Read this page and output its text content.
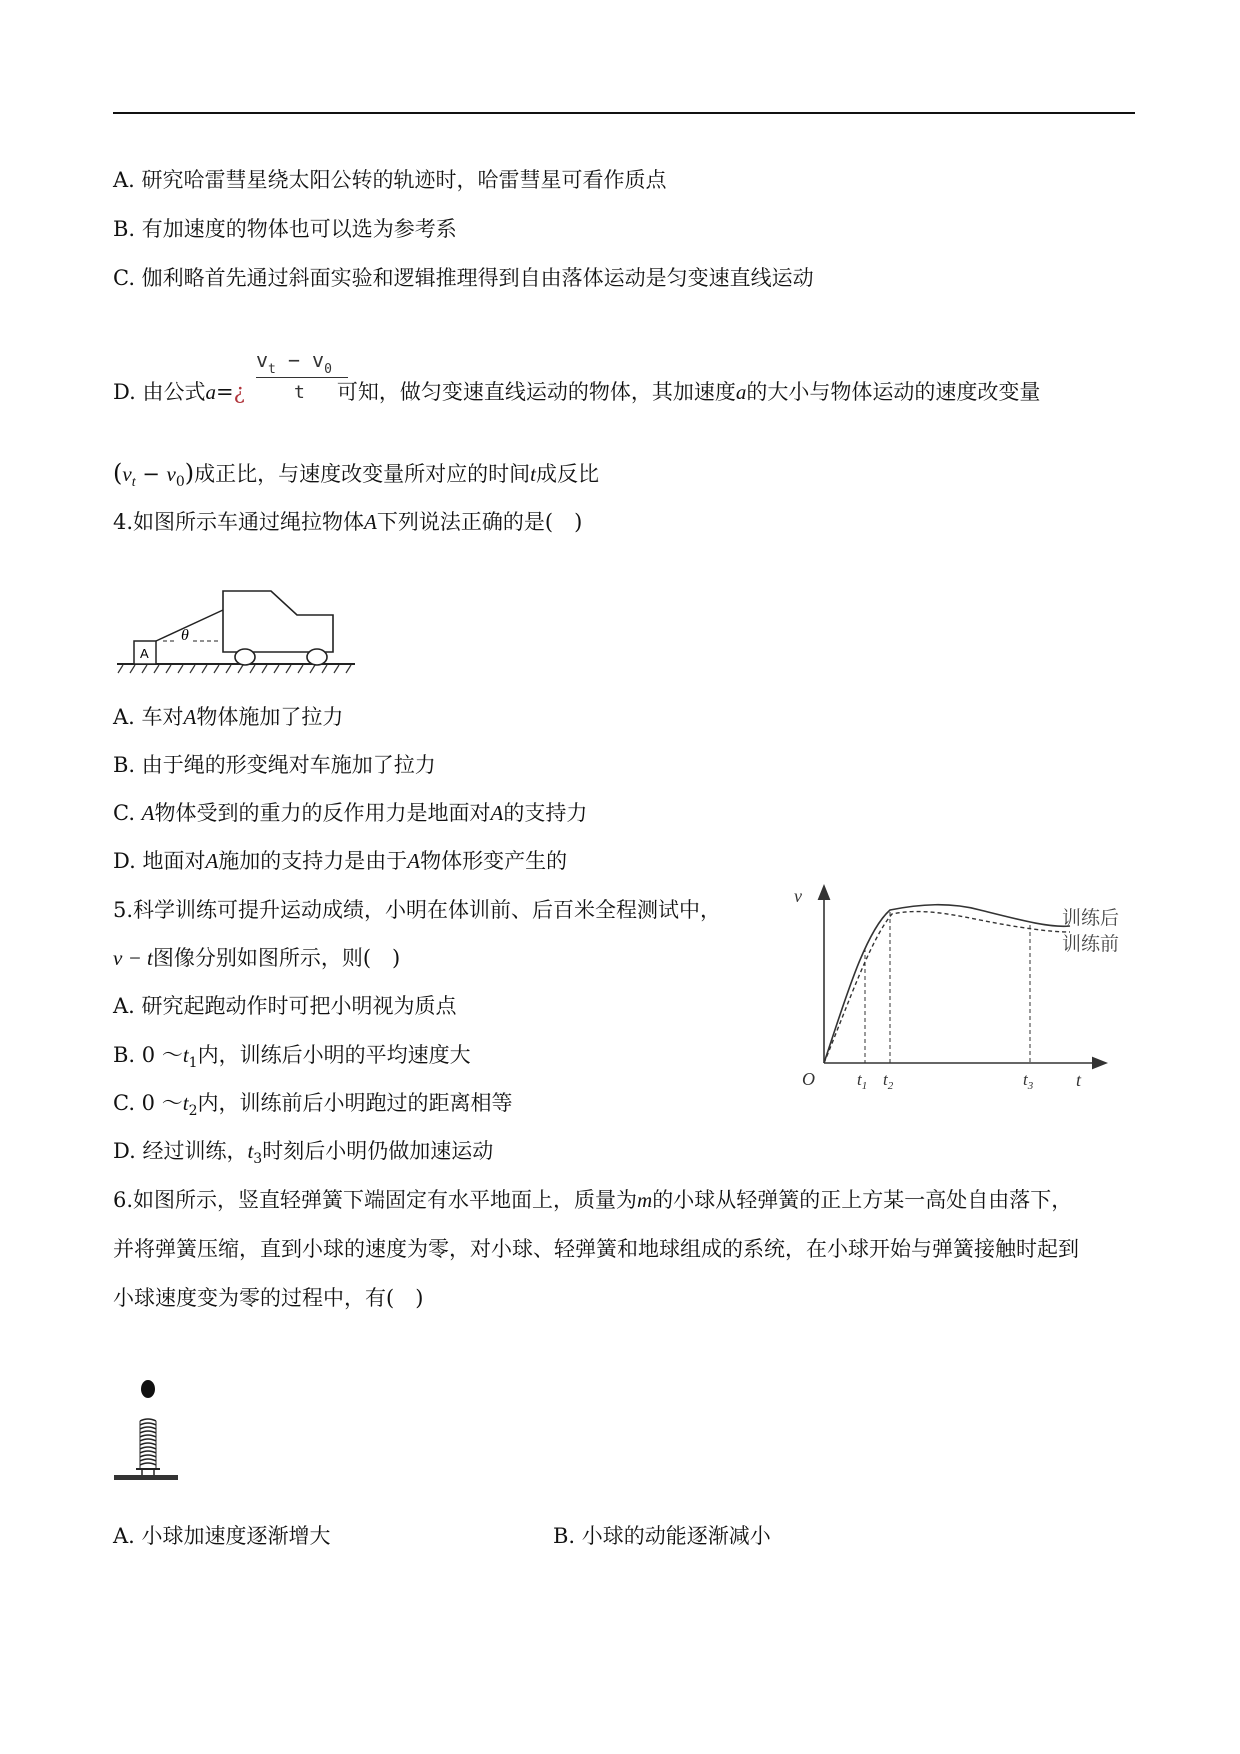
A. 研究哈雷彗星绕太阳公转的轨迹时，哈雷彗星可看作质点
B. 有加速度的物体也可以选为参考系
C. 伽利略首先通过斜面实验和逻辑推理得到自由落体运动是匀变速直线运动
D. 由公式a=¿	可知，做匀变速直线运动的物体，其加速度a的大小与物体运动的速度改变量
$v_t - v_0$
t
$(v_t - v_0)$成正比，与速度改变量所对应的时间t成反比
4.如图所示车通过绳拉物体A下列说法正确的是(　)
A
θ
A. 车对A物体施加了拉力
B. 由于绳的形变绳对车施加了拉力
C. A物体受到的重力的反作用力是地面对A的支持力
D. 地面对A施加的支持力是由于A物体形变产生的
5.科学训练可提升运动成绩，小明在体训前、后百米全程测试中，
v − t图像分别如图所示，则(　)
A. 研究起跑动作时可把小明视为质点
B. 0 $\sim t_1$内，训练后小明的平均速度大
C. 0 $\sim t_2$内，训练前后小明跑过的距离相等
D. 经过训练，$t_3$时刻后小明仍做加速运动
v
O	t
$t_1$ $t_2$	$t_3$
训练后
训练前
6.如图所示，竖直轻弹簧下端固定有水平地面上，质量为m的小球从轻弹簧的正上方某一高处自由落下，
并将弹簧压缩，直到小球的速度为零，对小球、轻弹簧和地球组成的系统，在小球开始与弹簧接触时起到
小球速度变为零的过程中，有(　)
A. 小球加速度逐渐增大	B. 小球的动能逐渐减小
